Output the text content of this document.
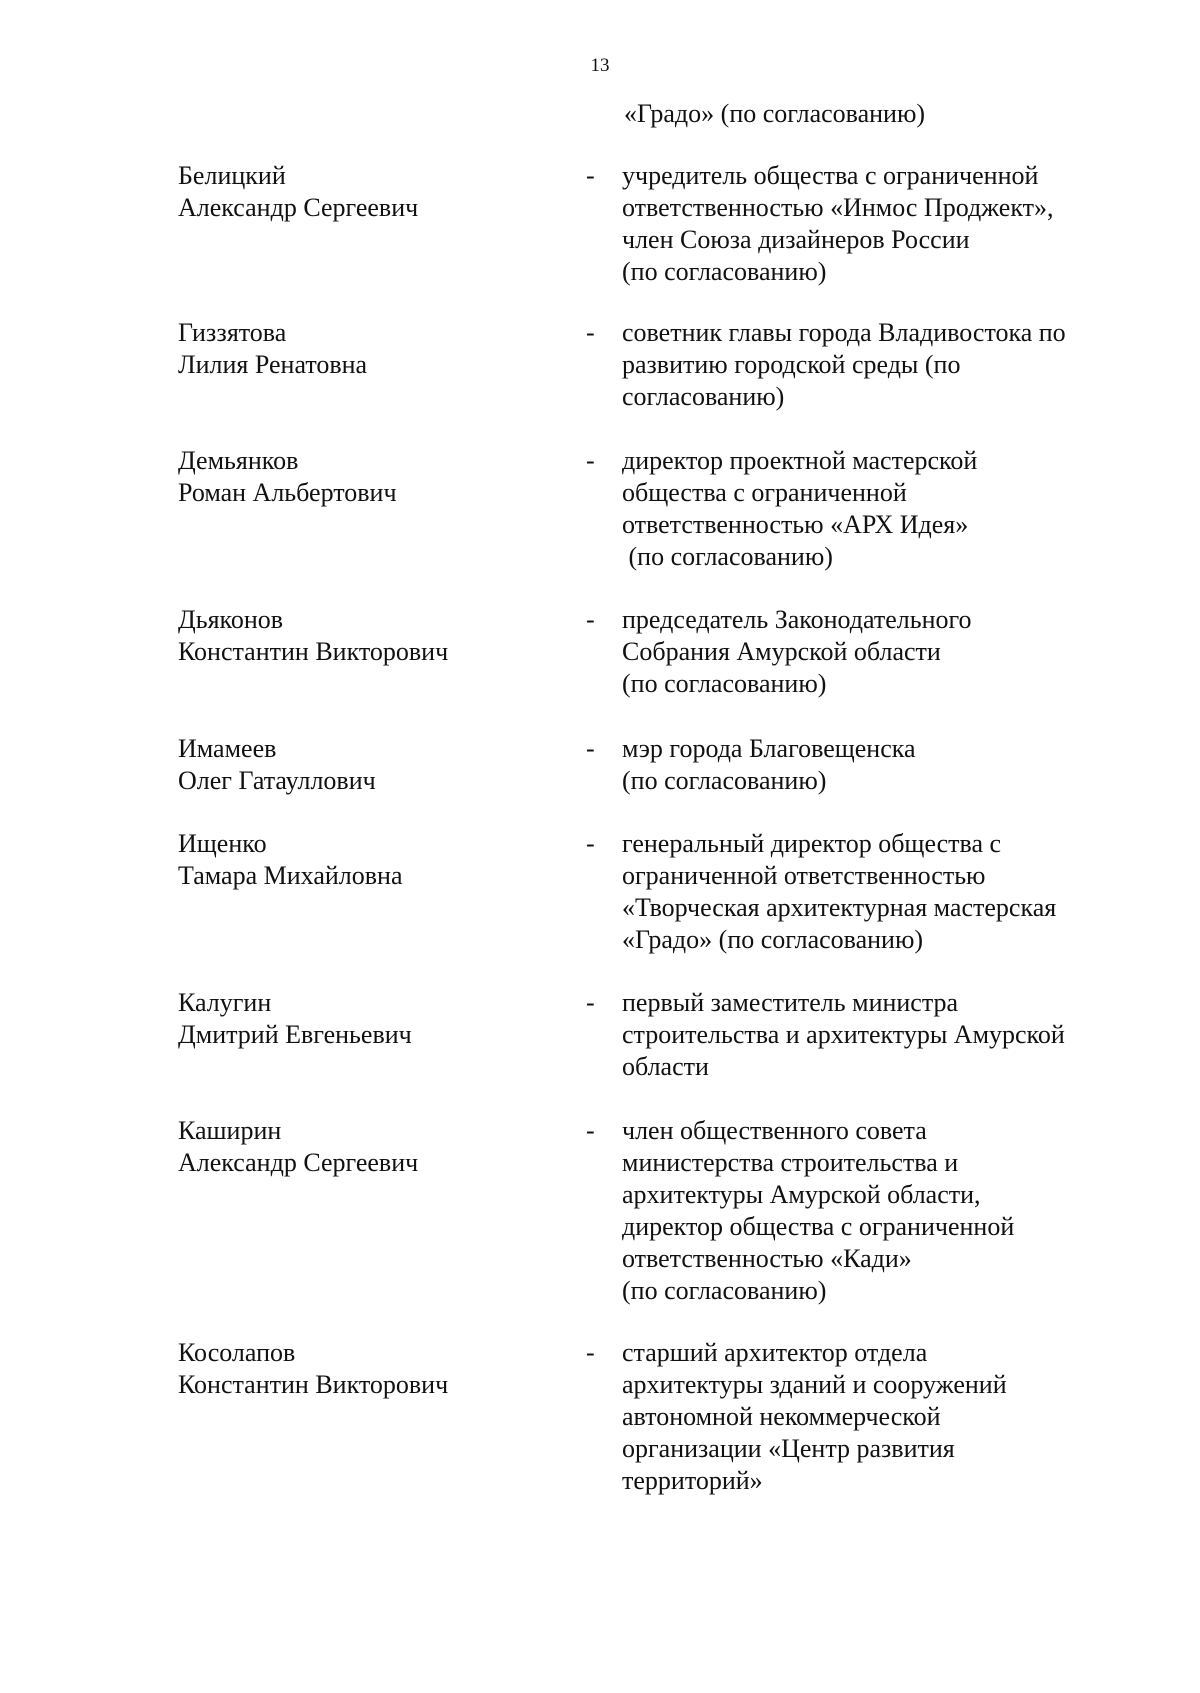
13
«Градо» (по согласованию)
Белицкий
Александр Сергеевич
- учредитель общества с ограниченной
ответственностью «Инмос Проджект»,
член Союза дизайнеров России
(по согласованию)
Гиззятова
Лилия Ренатовна
- советник главы города Владивостока по
развитию городской среды (по
согласованию)
Демьянков
Роман Альбертович
- директор проектной мастерской
общества с ограниченной
ответственностью «АРХ Идея»
(по согласованию)
Дьяконов
Константин Викторович
- председатель Законодательного
Собрания Амурской области
(по согласованию)
Имамеев
Олег Гатауллович
- мэр города Благовещенска
(по согласованию)
Ищенко
Тамара Михайловна
- генеральный директор общества с
ограниченной ответственностью
«Творческая архитектурная мастерская
«Градо» (по согласованию)
Калугин
Дмитрий Евгеньевич
- первый заместитель министра
строительства и архитектуры Амурской
области
Каширин
Александр Сергеевич
- член общественного совета
министерства строительства и
архитектуры Амурской области,
директор общества с ограниченной
ответственностью «Кади»
(по согласованию)
Косолапов
Константин Викторович
- старший архитектор отдела
архитектуры зданий и сооружений
автономной некоммерческой
организации «Центр развития
территорий»
